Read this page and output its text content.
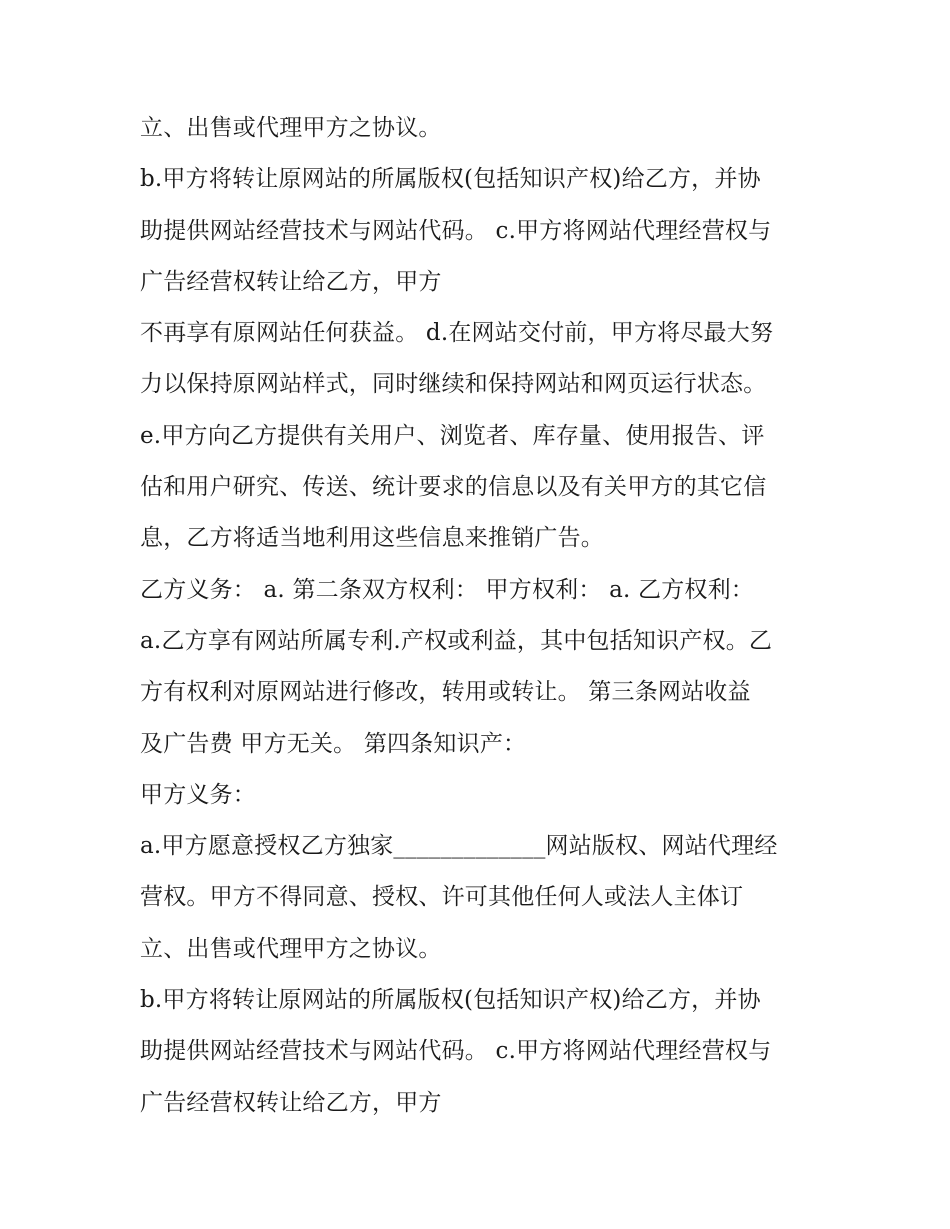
立、出售或代理甲方之协议。
b.甲方将转让原网站的所属版权(包括知识产权)给乙方，并协
助提供网站经营技术与网站代码。 c.甲方将网站代理经营权与
广告经营权转让给乙方，甲方
不再享有原网站任何获益。 d.在网站交付前，甲方将尽最大努
力以保持原网站样式，同时继续和保持网站和网页运行状态。
e.甲方向乙方提供有关用户、浏览者、库存量、使用报告、评
估和用户研究、传送、统计要求的信息以及有关甲方的其它信
息，乙方将适当地利用这些信息来推销广告。
乙方义务： a. 第二条双方权利： 甲方权利： a. 乙方权利：
a.乙方享有网站所属专利.产权或利益，其中包括知识产权。乙
方有权利对原网站进行修改，转用或转让。 第三条网站收益
及广告费 甲方无关。 第四条知识产：
甲方义务：
a.甲方愿意授权乙方独家_____________网站版权、网站代理经
营权。甲方不得同意、授权、许可其他任何人或法人主体订
立、出售或代理甲方之协议。
b.甲方将转让原网站的所属版权(包括知识产权)给乙方，并协
助提供网站经营技术与网站代码。 c.甲方将网站代理经营权与
广告经营权转让给乙方，甲方
